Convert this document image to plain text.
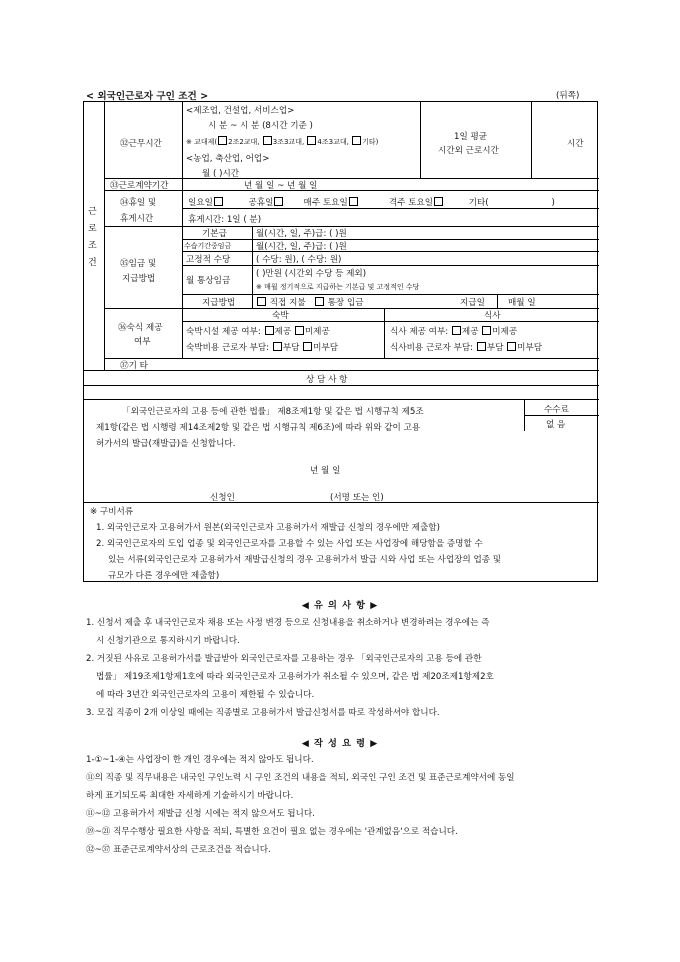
< 외국인근로자 구인 조건 >	(뒤쪽)
근로조건
㉜근무시간
<제조업, 건설업, 서비스업>
시 분 ~ 시 분 (8시간 기준 )
※ 교대제( 2조2교대, 3조3교대, 4조3교대, 기타)
<농업, 축산업, 어업>
월 ( )시간
1일 평균
시간외 근로시간
시간
㉝근로계약기간	년 월 일 ~ 년 월 일
㉞휴일 및
휴게시간
일요일	공휴일	매주 토요일	격주 토요일	기타(	)
휴게시간: 1일 ( 분)
㉟임금 및
지급방법
기본급	월(시간, 일, 주)급: ( )원
수습기간중임금	월(시간, 일, 주)급: ( )원
고정적 수당	( 수당: 원), ( 수당: 원)
월 통상임금
( )만원 (시간외 수당 등 제외)
※ 매월 정기적으로 지급하는 기본급 및 고정적인 수당
지급방법	직접 지불	통장 입금	지급일	매월 일
㊱숙식 제공
여부
숙박	식사
숙박시설 제공 여부: 제공 미제공
숙박비용 근로자 부담: 부담 미부담
식사 제공 여부: 제공 미제공
식사비용 근로자 부담: 부담 미부담
㊲기 타
상 담 사 항
수수료
없 음
「외국인근로자의 고용 등에 관한 법률」 제8조제1항 및 같은 법 시행규칙 제5조
제1항(같은 법 시행령 제14조제2항 및 같은 법 시행규칙 제6조)에 따라 위와 같이 고용
허가서의 발급(재발급)을 신청합니다.
년 월 일
신청인	(서명 또는 인)
※ 구비서류
1. 외국인근로자 고용허가서 원본(외국인근로자 고용허가서 재발급 신청의 경우에만 제출함)
2. 외국인근로자의 도입 업종 및 외국인근로자를 고용할 수 있는 사업 또는 사업장에 해당함을 증명할 수
있는 서류(외국인근로자 고용허가서 재발급신청의 경우 고용허가서 발급 시와 사업 또는 사업장의 업종 및
규모가 다른 경우에만 제출함)
◀ 유 의 사 항 ▶
1. 신청서 제출 후 내국인근로자 채용 또는 사정 변경 등으로 신청내용을 취소하거나 변경하려는 경우에는 즉
시 신청기관으로 통지하시기 바랍니다.
2. 거짓된 사유로 고용허가서를 발급받아 외국인근로자를 고용하는 경우 「외국인근로자의 고용 등에 관한
법률」 제19조제1항제1호에 따라 외국인근로자 고용허가가 취소될 수 있으며, 같은 법 제20조제1항제2호
에 따라 3년간 외국인근로자의 고용이 제한될 수 있습니다.
3. 모집 직종이 2개 이상일 때에는 직종별로 고용허가서 발급신청서를 따로 작성하셔야 합니다.
◀ 작 성 요 령 ▶
1-①~1-④는 사업장이 한 개인 경우에는 적지 않아도 됩니다.
⑪의 직종 및 직무내용은 내국인 구인노력 시 구인 조건의 내용을 적되, 외국인 구인 조건 및 표준근로계약서에 동일
하게 표기되도록 최대한 자세하게 기술하시기 바랍니다.
⑪~⑫ 고용허가서 재발급 신청 시에는 적지 않으셔도 됩니다.
⑲~㉑ 직무수행상 필요한 사항을 적되, 특별한 요건이 필요 없는 경우에는 '관계없음'으로 적습니다.
㉜~㊲ 표준근로계약서상의 근로조건을 적습니다.
